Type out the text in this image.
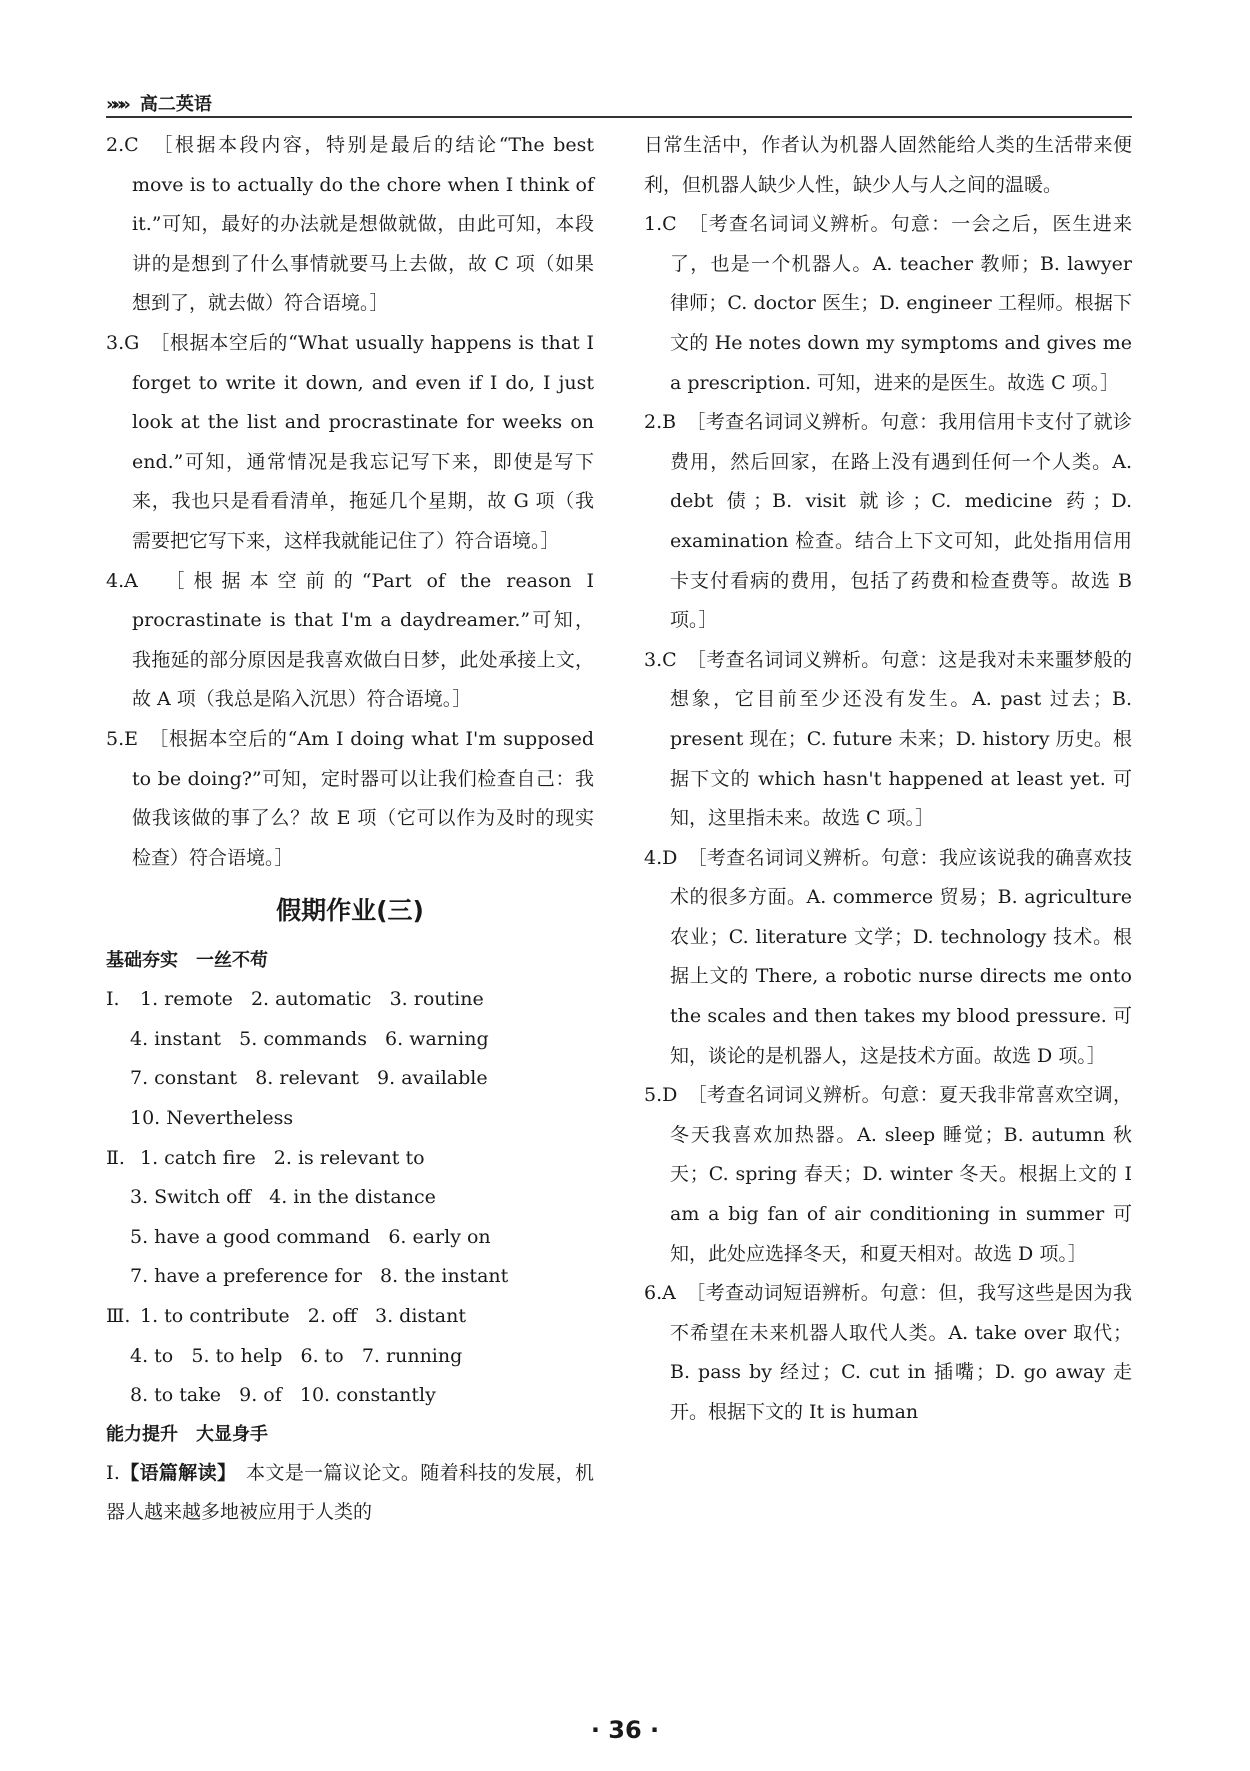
»»» 高二英语

2.C　 ［根据本段内容，特别是最后的结论“The best move is to actually do the chore when I think of it.”可知，最好的办法就是想做就做，由此可知，本段讲的是想到了什么事情就要马上去做，故 C 项（如果想到了，就去做）符合语境。］

3.G　 ［根据本空后的“What usually happens is that I forget to write it down, and even if I do, I just look at the list and procrastinate for weeks on end.”可知，通常情况是我忘记写下来，即使是写下来，我也只是看看清单，拖延几个星期，故 G 项（我需要把它写下来，这样我就能记住了）符合语境。］

4.A　 ［根据本空前的“Part of the reason I procrastinate is that I'm a daydreamer.”可知，我拖延的部分原因是我喜欢做白日梦，此处承接上文，故 A 项（我总是陷入沉思）符合语境。］

5.E　 ［根据本空后的“Am I doing what I'm supposed to be doing?”可知，定时器可以让我们检查自己：我做我该做的事了么？故 E 项（它可以作为及时的现实检查）符合语境。］

假期作业(三)
基础夯实　一丝不苟
Ⅰ. 1. remote   2. automatic   3. routine
4. instant   5. commands   6. warning
7. constant   8. relevant   9. available
10. Nevertheless
Ⅱ. 1. catch fire   2. is relevant to
3. Switch off   4. in the distance
5. have a good command   6. early on
7. have a preference for   8. the instant
Ⅲ. 1. to contribute   2. off   3. distant
4. to   5. to help   6. to   7. running
8. to take   9. of   10. constantly
能力提升　大显身手

Ⅰ.【语篇解读】　 本文是一篇议论文。随着科技的发展，机器人越来越多地被应用于人类的

日常生活中，作者认为机器人固然能给人类的生活带来便利，但机器人缺少人性，缺少人与人之间的温暖。

1.C　 ［考查名词词义辨析。句意：一会之后，医生进来了，也是一个机器人。A. teacher 教师；B. lawyer 律师；C. doctor 医生；D. engineer 工程师。根据下文的 He notes down my symptoms and gives me a prescription. 可知，进来的是医生。故选 C 项。］

2.B　 ［考查名词词义辨析。句意：我用信用卡支付了就诊费用，然后回家，在路上没有遇到任何一个人类。A. debt 债；B. visit 就诊；C. medicine 药；D. examination 检查。结合上下文可知，此处指用信用卡支付看病的费用，包括了药费和检查费等。故选 B 项。］

3.C　 ［考查名词词义辨析。句意：这是我对未来噩梦般的想象，它目前至少还没有发生。A. past 过去；B. present 现在；C. future 未来；D. history 历史。根据下文的 which hasn't happened at least yet. 可知，这里指未来。故选 C 项。］

4.D　 ［考查名词词义辨析。句意：我应该说我的确喜欢技术的很多方面。A. commerce 贸易；B. agriculture 农业；C. literature 文学；D. technology 技术。根据上文的 There, a robotic nurse directs me onto the scales and then takes my blood pressure. 可知，谈论的是机器人，这是技术方面。故选 D 项。］

5.D　 ［考查名词词义辨析。句意：夏天我非常喜欢空调，冬天我喜欢加热器。A. sleep 睡觉；B. autumn 秋天；C. spring 春天；D. winter 冬天。根据上文的 I am a big fan of air conditioning in summer 可知，此处应选择冬天，和夏天相对。故选 D 项。］

6.A　 ［考查动词短语辨析。句意：但，我写这些是因为我不希望在未来机器人取代人类。A. take over 取代；B. pass by 经过；C. cut in 插嘴；D. go away 走开。根据下文的 It is human

· 36 ·
